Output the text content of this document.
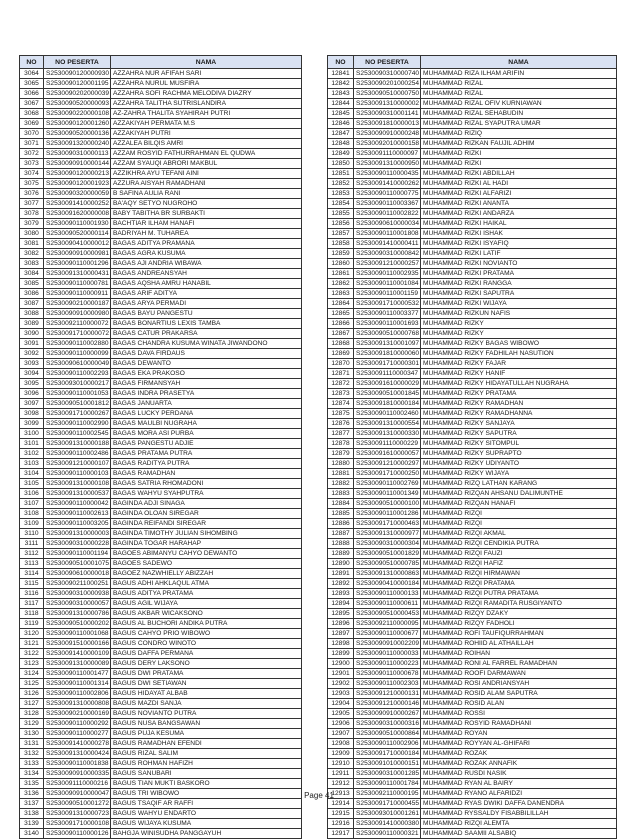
NO	NO PESERTA	NAMA
3064	S2530090120000930	AZZAHRA NUR AFIFAH SARI
3065	S2530090120001195	AZZAHRA NURUL MUSFIRA
3066	S2530090202000039	AZZAHRA SOFI RACHMA MELODIVA DIAZRY
3067	S2530090520000093	AZZAHRA TALITHA SUTRISLANDIRA
3068	S2530090220000108	AZ-ZAHRA THALITA SYAHIRAH PUTRI
3069	S2530090120001260	AZZAKIYAH PERMATA M.S
3070	S2530090520000136	AZZAKIYAH PUTRI
3071	S2530091320000240	AZZALEA BILQIS AMRI
3072	S2530090310000113	AZZAM ROSYID FATHURRAHMAN EL QUDWA
3073	S2530090910000144	AZZAM SYAUQI ABRORI MAKBUL
3074	S2530090120000213	AZZIKHRA AYU TEFANI AINI
3075	S2530090120001923	AZZURA AISYAH RAMADHANI
3076	S2530090320000059	B SAFINA AULIA RANI
3077	S2530091410000252	BA'AQY SETYO NUGROHO
3078	S2530091620000008	BABY TABITHA BR SURBAKTI
3079	S2530090110001930	BACHTIAR ILHAM HANAFI
3080	S2530090520000114	BADRIYAH M. TUHAREA
3081	S2530090410000012	BAGAS ADITYA PRAMANA
3082	S2530090910000981	BAGAS AGRA KUSUMA
3083	S2530090110001296	BAGAS AJI ANDRIA WIBAWA
3084	S2530091310000431	BAGAS ANDREANSYAH
3085	S2530090110000781	BAGAS AQSHA AMRU HANABIL
3086	S2530090110000911	BAGAS ARIF ADITYA
3087	S2530090210000187	BAGAS ARYA PERMADI
3088	S2530090910000980	BAGAS BAYU PANGESTU
3089	S2530092110000072	BAGAS BONARTIUS LEXIS TAMBA
3090	S2530091710000072	BAGAS CATUR PRAKARSA
3091	S2530090110002880	BAGAS CHANDRA KUSUMA WINATA JIWANDONO
3092	S2530090110000099	BAGAS DAVA FIRDAUS
3093	S2530090610000049	BAGAS DEWANTO
3094	S2530090110002293	BAGAS EKA PRAKOSO
3095	S2530093010000217	BAGAS FIRMANSYAH
3096	S2530090110001053	BAGAS INDRA PRASETYA
3097	S2530090510001812	BAGAS JANUARTA
3098	S2530091710000267	BAGAS LUCKY PERDANA
3099	S2530090110002990	BAGAS MAULBI NUGRAHA
3100	S2530090110002545	BAGAS MORA ASI PURBA
3101	S2530091310000188	BAGAS PANGESTU ADJIE
3102	S2530090110002486	BAGAS PRATAMA PUTRA
3103	S2530091210000107	BAGAS RADITYA PUTRA
3104	S2530090110000103	BAGAS RAMADHAN
3105	S2530091310000108	BAGAS SATRIA RHOMADONI
3106	S2530091310000537	BAGAS WAHYU SYAHPUTRA
3107	S2530090110000042	BAGINDA ADJI SINAGA
3108	S2530090110002613	BAGINDA OLOAN SIREGAR
3109	S2530090110003205	BAGINDA REIFANDI SIREGAR
3110	S2530091310000003	BAGINDA TIMOTHY JULIAN SIHOMBING
3111	S2530090310000228	BAGINDA TOGAR HARAHAP
3112	S2530090110001194	BAGOES ABIMANYU CAHYO DEWANTO
3113	S2530090510001075	BAGOES SADEWO
3114	S2530090610000018	BAGOEZ NAZWHIELLY ABIZZAH
3115	S2530090211000251	BAGUS ADHI AHKLAQUL ATMA
3116	S2530090310000938	BAGUS ADITYA PRATAMA
3117	S2530090310000057	BAGUS AGIL WIJAYA
3118	S2530091310000786	BAGUS AKBAR WICAKSONO
3119	S2530090510000202	BAGUS AL BUCHORI ANDIKA PUTRA
3120	S2530090110001068	BAGUS CAHYO PRIO WIBOWO
3121	S2530091510000166	BAGUS CONDRO WINOTO
3122	S2530091410000109	BAGUS DAFFA PERMANA
3123	S2530091310000089	BAGUS DERY LAKSONO
3124	S2530090110001477	BAGUS DWI PRATAMA
3125	S2530090110001314	BAGUS DWI SETIAWAN
3126	S2530090110002806	BAGUS HIDAYAT ALBAB
3127	S2530091310000808	BAGUS MAZDI SANJA
3128	S2530090210000169	BAGUS NOVIANTO PUTRA
3129	S2530090110000292	BAGUS NUSA BANGSAWAN
3130	S2530090110000277	BAGUS PUJA KESUMA
3131	S2530091410000278	BAGUS RAMADHAN EFENDI
3132	S2530091310000424	BAGUS RIZAL SALIM
3133	S2530090110001838	BAGUS ROHMAN HAFIZH
3134	S2530090910000335	BAGUS SANUBARI
3135	S2530091110000216	BAGUS TIAN MUKTI BASKORO
3136	S2530090910000047	BAGUS TRI WIBOWO
3137	S2530090510001272	BAGUS TSAQIF AR RAFFI
3138	S2530091310000723	BAGUS WAHYU ENDARTO
3139	S2530091710000108	BAGUS WIJAYA KUSUMA
3140	S2530090110000126	BAHGJA WINISUDHA PANGGAYUH
NO	NO PESERTA	NAMA
12841	S2530090310000740	MUHAMMAD RIZA ILHAM ARIFIN
12842	S2530090201000254	MUHAMMAD RIZAL
12843	S2530090510000750	MUHAMMAD RIZAL
12844	S2530091310000002	MUHAMMAD RIZAL OFIV KURNIAWAN
12845	S2530090310001141	MUHAMMAD RIZAL SEHABUDIN
12846	S2530091810000013	MUHAMMAD RIZAL SYAPUTRA UMAR
12847	S2530090910000248	MUHAMMAD RIZIQ
12848	S2530092010000158	MUHAMMAD RIZKAN FAUJIL ADHIM
12849	S2530091110000097	MUHAMMAD RIZKI
12850	S2530091310000950	MUHAMMAD RIZKI
12851	S2530090110000435	MUHAMMAD RIZKI ABDILLAH
12852	S2530091410000262	MUHAMMAD RIZKI AL HADI
12853	S2530090110000775	MUHAMMAD RIZKI ALFARIZI
12854	S2530090110003367	MUHAMMAD RIZKI ANANTA
12855	S2530090110002822	MUHAMMAD RIZKI ANDARZA
12856	S2530090610000034	MUHAMMAD RIZKI HAIKAL
12857	S2530090110001808	MUHAMMAD RIZKI ISHAK
12858	S2530091410000411	MUHAMMAD RIZKI ISYAFIQ
12859	S2530090310000842	MUHAMMAD RIZKI LATIF
12860	S2530091210000257	MUHAMMAD RIZKI NOVIANTO
12861	S2530090110002935	MUHAMMAD RIZKI PRATAMA
12862	S2530090110001084	MUHAMMAD RIZKI RANGGA
12863	S2530090110001159	MUHAMMAD RIZKI SAPUTRA
12864	S2530091710000532	MUHAMMAD RIZKI WIJAYA
12865	S2530090110003377	MUHAMMAD RIZKUN NAFIS
12866	S2530090110001693	MUHAMMAD RIZKY
12867	S2530090510000768	MUHAMMAD RIZKY
12868	S2530091310001097	MUHAMMAD RIZKY BAGAS WIBOWO
12869	S2530091810000060	MUHAMMAD RIZKY FADHILAH NASUTION
12870	S2530091710000301	MUHAMMAD RIZKY FAJAR
12871	S2530091110000347	MUHAMMAD RIZKY HANIF
12872	S2530091610000029	MUHAMMAD RIZKY HIDAYATULLAH NUGRAHA
12873	S2530090510001845	MUHAMMAD RIZKY PRATAMA
12874	S2530091810000184	MUHAMMAD RIZKY RAMADHAN
12875	S2530090110002460	MUHAMMAD RIZKY RAMADHANNA
12876	S2530091310000554	MUHAMMAD RIZKY SANJAYA
12877	S2530091310000330	MUHAMMAD RIZKY SAPUTRA
12878	S2530091110000229	MUHAMMAD RIZKY SITOMPUL
12879	S2530091610000057	MUHAMMAD RIZKY SUPRAPTO
12880	S2530091210000297	MUHAMMAD RIZKY UDIYANTO
12881	S2530091710000250	MUHAMMAD RIZKY WIJAYA
12882	S2530090110002769	MUHAMMAD RIZQ LATHAN KARANG
12883	S2530090110001349	MUHAMMAD RIZQAN AHSANU DALIMUNTHE
12884	S2530090510000100	MUHAMMAD RIZQAN HANAFI
12885	S2530090110001286	MUHAMMAD RIZQI
12886	S2530091710000463	MUHAMMAD RIZQI
12887	S2530091310000977	MUHAMMAD RIZQI AKMAL
12888	S2530090310000304	MUHAMMAD RIZQI CENDIKIA PUTRA
12889	S2530090510001829	MUHAMMAD RIZQI FAUZI
12890	S2530090510000785	MUHAMMAD RIZQI HAFIZ
12891	S2530091310000863	MUHAMMAD RIZQI HIRMAWAN
12892	S2530090410000184	MUHAMMAD RIZQI PRATAMA
12893	S2530090110000133	MUHAMMAD RIZQI PUTRA PRATAMA
12894	S2530090110000611	MUHAMMAD RIZQI RAMADITA RUSGIYANTO
12895	S2530090510000453	MUHAMMAD RIZQY DZAKY
12896	S2530092110000095	MUHAMMAD RIZQY FADHOLI
12897	S2530090110000677	MUHAMMAD ROFI TAUFIQURRAHMAN
12898	S2530090910002209	MUHAMMAD ROHIID AL ATHAILLAH
12899	S2530090110000033	MUHAMMAD ROIHAN
12900	S2530090110000223	MUHAMMAD RONI AL FARREL RAMADHAN
12901	S2530090110000678	MUHAMMAD ROOFI DARMAWAN
12902	S2530090110002303	MUHAMMAD ROSI ANDRIANSYAH
12903	S2530091210000131	MUHAMMAD ROSID ALAM SAPUTRA
12904	S2530091210000146	MUHAMMAD ROSID ALAN
12905	S2530090910000267	MUHAMMAD ROSSI
12906	S2530090310000316	MUHAMMAD ROSYID RAMADHANI
12907	S2530090510000864	MUHAMMAD ROYAN
12908	S2530090110002906	MUHAMMAD ROYYAN AL-GHIFARI
12909	S2530091710000184	MUHAMMAD ROZAK
12910	S2530091010000151	MUHAMMAD ROZAK ANNAFIK
12911	S2530090310001285	MUHAMMAD RUSDI NASIK
12912	S2530090110001784	MUHAMMAD RYAN AL BAIRY
12913	S2530092110000195	MUHAMMAD RYANO ALFARIDZI
12914	S2530091710000455	MUHAMMAD RYAS DWIKI DAFFA DANENDRA
12915	S2530093010001261	MUHAMMAD RYSSALDY FISABBILILLAH
12916	S2530091410000380	MUHAMMAD RIZQI ALEMTA
12917	S2530090110000321	MUHAMMAD SAAMII ALSABIQ
Page 41
